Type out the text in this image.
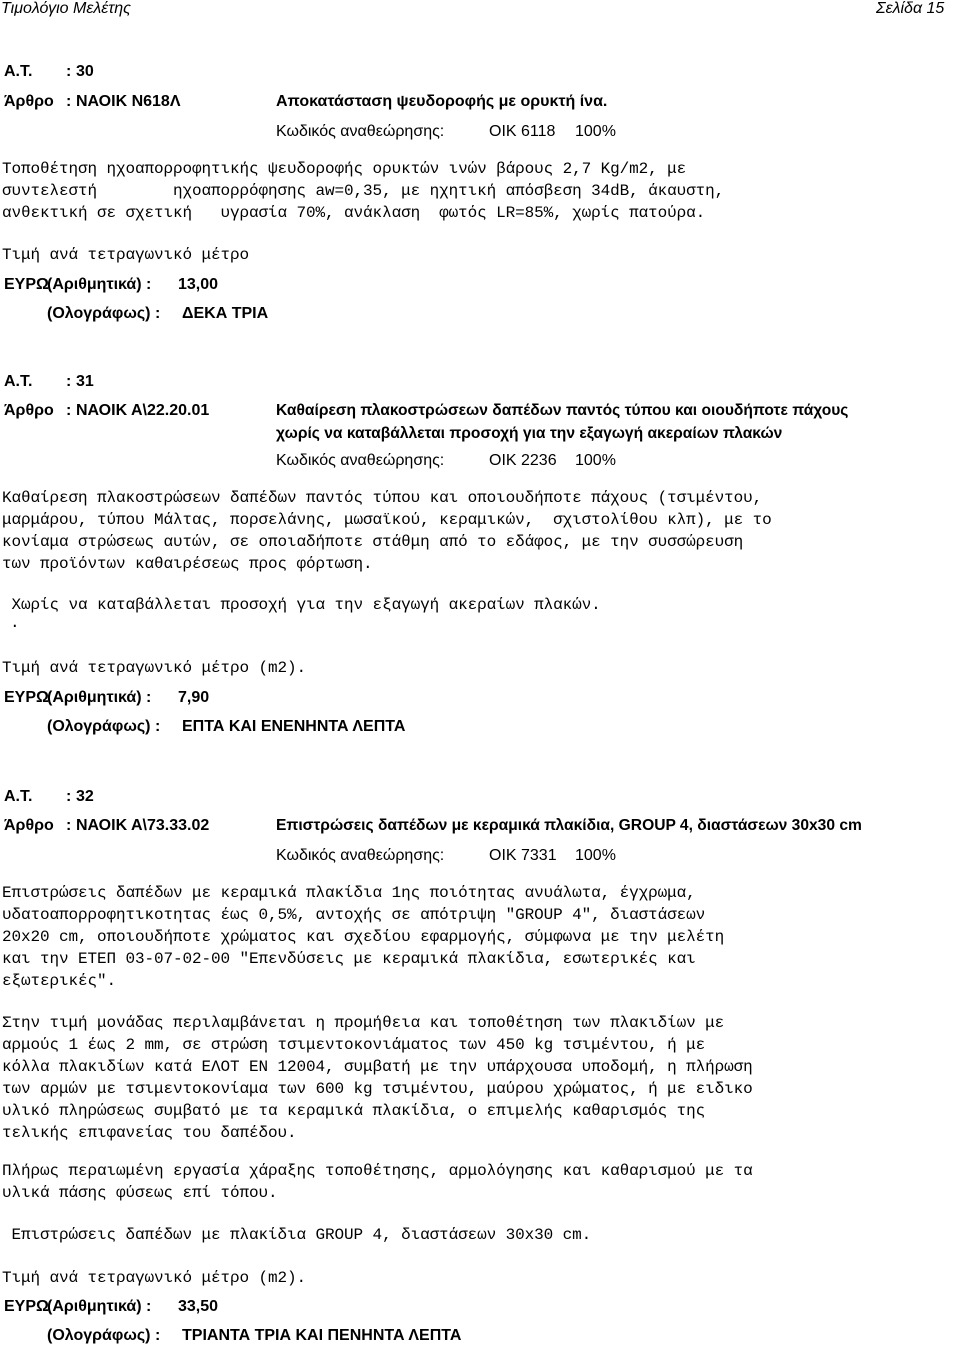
Τιμολόγιο Μελέτης	Σελίδα 15
Α.Τ. : 30
Άρθρο : ΝΑΟΙΚ Ν618Λ	Αποκατάσταση ψευδοροφής με ορυκτή ίνα.
Κωδικός αναθεώρησης:	ΟΙΚ 6118 100%
Τοποθέτηση ηχοαπορροφητικής ψευδοροφής ορυκτών ινών βάρους 2,7 Kg/m2, με
συντελεστή        ηχοαπορρόφησης aw=0,35, με ηχητική απόσβεση 34dB, άκαυστη,
ανθεκτική σε σχετική   υγρασία 70%, ανάκλαση  φωτός LR=85%, χωρίς πατούρα.
Τιμή ανά τετραγωνικό μέτρο
ΕΥΡΩ
(Αριθμητικά) : 13,00
(Ολογράφως) : ΔΕΚΑ ΤΡΙΑ
Α.Τ. : 31
Άρθρο : ΝΑΟΙΚ Α\22.20.01	Καθαίρεση πλακοστρώσεων δαπέδων παντός τύπου και οιουδήποτε πάχους
χωρίς να καταβάλλεται προσοχή για την εξαγωγή ακεραίων πλακών
Κωδικός αναθεώρησης:	ΟΙΚ 2236 100%
Καθαίρεση πλακοστρώσεων δαπέδων παντός τύπου και οποιουδήποτε πάχους (τσιμέντου,
μαρμάρου, τύπου Μάλτας, πορσελάνης, μωσαϊκού, κεραμικών,  σχιστολίθου κλπ), με το
κονίαμα στρώσεως αυτών, σε οποιαδήποτε στάθμη από το εδάφος, με την συσσώρευση
των προϊόντων καθαιρέσεως προς φόρτωση.
Χωρίς να καταβάλλεται προσοχή για την εξαγωγή ακεραίων πλακών.
.
Τιμή ανά τετραγωνικό μέτρο (m2).
ΕΥΡΩ
(Αριθμητικά) : 7,90
(Ολογράφως) : ΕΠΤΑ ΚΑΙ ΕΝΕΝΗΝΤΑ ΛΕΠΤΑ
Α.Τ. : 32
Άρθρο : ΝΑΟΙΚ Α\73.33.02	Επιστρώσεις δαπέδων με κεραμικά πλακίδια, GROUP 4, διαστάσεων 30x30 cm
Κωδικός αναθεώρησης:	ΟΙΚ 7331 100%
Επιστρώσεις δαπέδων με κεραμικά πλακίδια 1ης ποιότητας ανυάλωτα, έγχρωμα,
υδατοαπορροφητικοτητας έως 0,5%, αντοχής σε απότριψη "GROUP 4", διαστάσεων
20x20 cm, οποιουδήποτε χρώματος και σχεδίου εφαρμογής, σύμφωνα με την μελέτη
και την ΕΤΕΠ 03-07-02-00 "Επενδύσεις με κεραμικά πλακίδια, εσωτερικές και
εξωτερικές".
Στην τιμή μονάδας περιλαμβάνεται η προμήθεια και τοποθέτηση των πλακιδίων με
αρμούς 1 έως 2 mm, σε στρώση τσιμεντοκονιάματος των 450 kg τσιμέντου, ή με
κόλλα πλακιδίων κατά ΕΛΟΤ ΕΝ 12004, συμβατή με την υπάρχουσα υποδομή, η πλήρωση
των αρμών με τσιμεντοκονίαμα των 600 kg τσιμέντου, μαύρου χρώματος, ή με ειδικο
υλικό πληρώσεως συμβατό με τα κεραμικά πλακίδια, ο επιμελής καθαρισμός της
τελικής επιφανείας του δαπέδου.
Πλήρως περαιωμένη εργασία χάραξης τοποθέτησης, αρμολόγησης και καθαρισμού με τα
υλικά πάσης φύσεως επί τόπου.
Επιστρώσεις δαπέδων με πλακίδια GROUP 4, διαστάσεων 30x30 cm.
Τιμή ανά τετραγωνικό μέτρο (m2).
ΕΥΡΩ
(Αριθμητικά) : 33,50
(Ολογράφως) : ΤΡΙΑΝΤΑ ΤΡΙΑ ΚΑΙ ΠΕΝΗΝΤΑ ΛΕΠΤΑ
